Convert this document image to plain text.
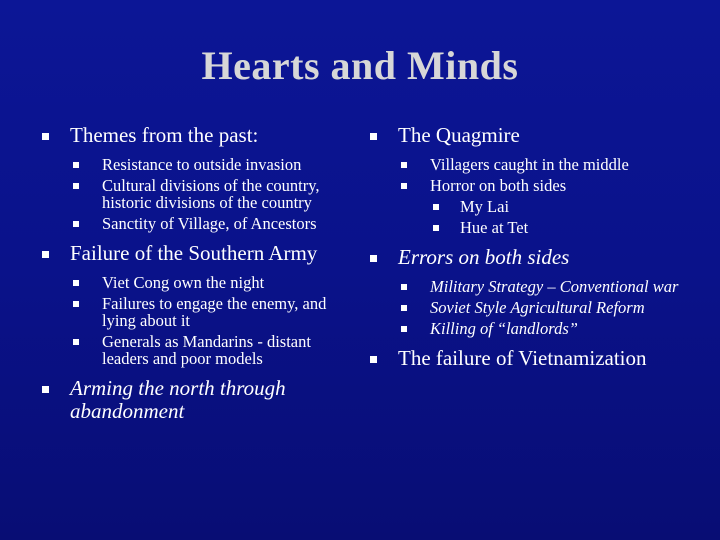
Hearts and Minds
Themes from the past:
Resistance to outside invasion
Cultural divisions of the country, historic divisions of the country
Sanctity of Village, of Ancestors
Failure of the Southern Army
Viet Cong own the night
Failures to engage the enemy, and lying about it
Generals as Mandarins - distant leaders and poor models
Arming the north through abandonment
The Quagmire
Villagers caught in the middle
Horror on both sides
My Lai
Hue at Tet
Errors on both sides
Military Strategy – Conventional war
Soviet Style Agricultural Reform
Killing of “landlords”
The failure of Vietnamization
